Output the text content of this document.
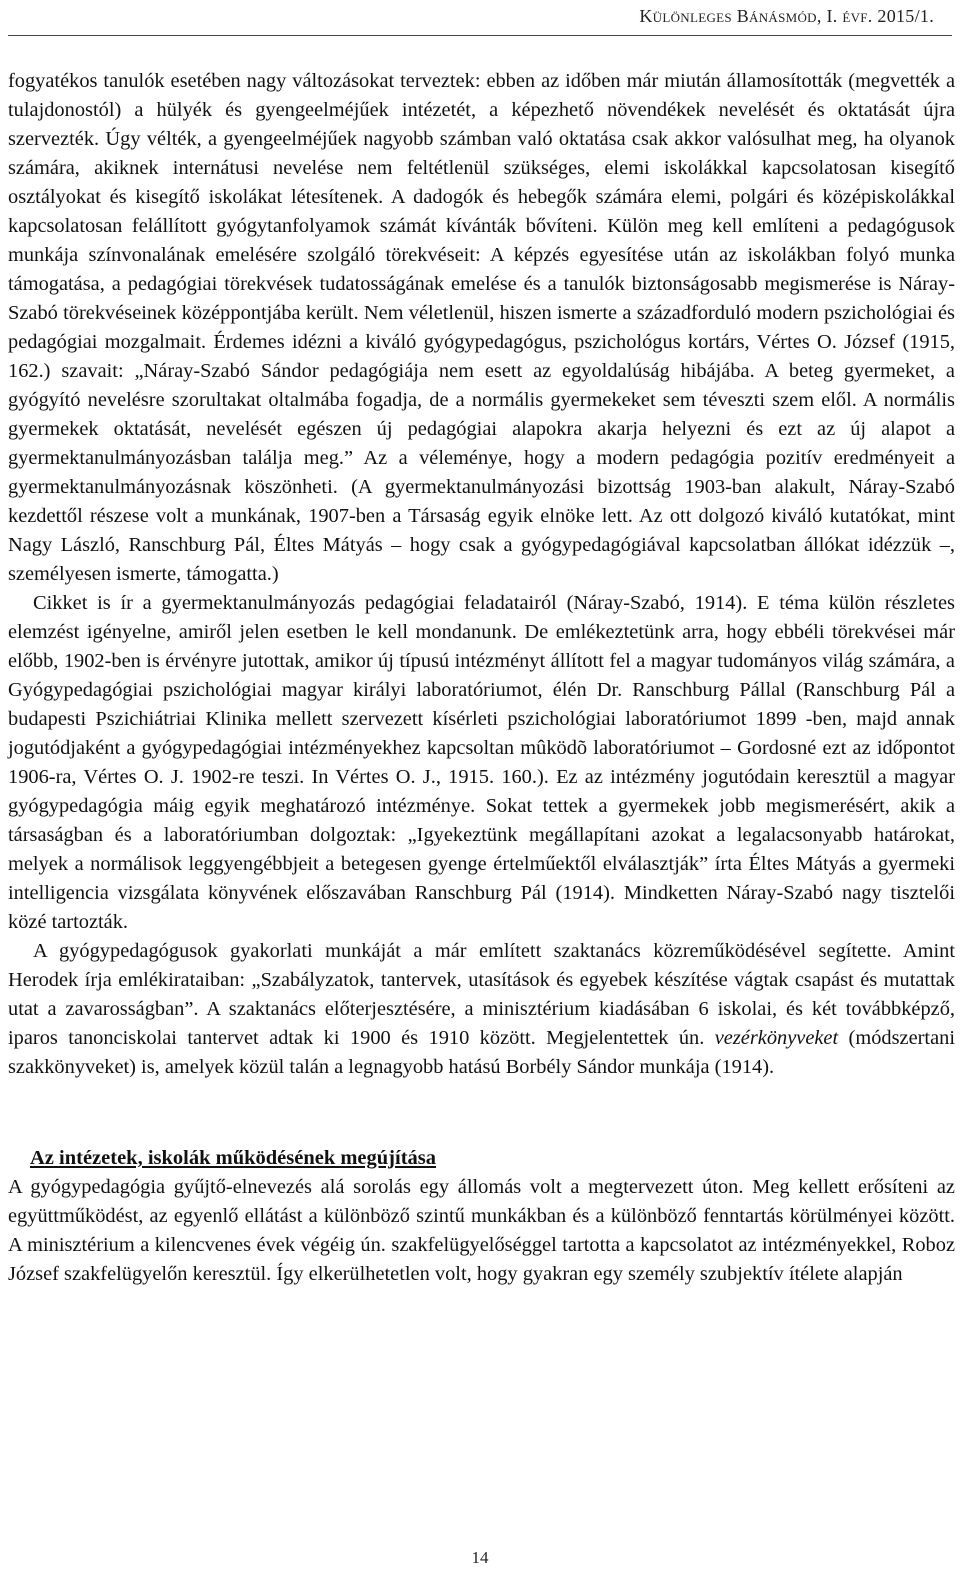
Különleges Bánásmód, I. évf. 2015/1.

fogyatékos tanulók esetében nagy változásokat terveztek: ebben az időben már miután államosították (megvették a tulajdonostól) a hülyék és gyengeelméjűek intézetét, a képezhető növendékek nevelését és oktatását újra szervezték. Úgy vélték, a gyengeelméjűek nagyobb számban való oktatása csak akkor valósulhat meg, ha olyanok számára, akiknek internátusi nevelése nem feltétlenül szükséges, elemi iskolákkal kapcsolatosan kisegítő osztályokat és kisegítő iskolákat létesítenek. A dadogók és hebegők számára elemi, polgári és középiskolákkal kapcsolatosan felállított gyógytanfolyamok számát kívánták bővíteni. Külön meg kell említeni a pedagógusok munkája színvonalának emelésére szolgáló törekvéseit: A képzés egyesítése után az iskolákban folyó munka támogatása, a pedagógiai törekvések tudatosságának emelése és a tanulók biztonságosabb megismerése is Náray-Szabó törekvéseinek középpontjába került. Nem véletlenül, hiszen ismerte a századforduló modern pszichológiai és pedagógiai mozgalmait. Érdemes idézni a kiváló gyógypedagógus, pszichológus kortárs, Vértes O. József (1915, 162.) szavait: „Náray-Szabó Sándor pedagógiája nem esett az egyoldalúság hibájába. A beteg gyermeket, a gyógyító nevelésre szorultakat oltalmába fogadja, de a normális gyermekeket sem téveszti szem elől. A normális gyermekek oktatását, nevelését egészen új pedagógiai alapokra akarja helyezni és ezt az új alapot a gyermektanulmányozásban találja meg.” Az a véleménye, hogy a modern pedagógia pozitív eredményeit a gyermektanulmányozásnak köszönheti. (A gyermektanulmányozási bizottság 1903-ban alakult, Náray-Szabó kezdettől részese volt a munkának, 1907-ben a Társaság egyik elnöke lett. Az ott dolgozó kiváló kutatókat, mint Nagy László, Ranschburg Pál, Éltes Mátyás – hogy csak a gyógypedagógiával kapcsolatban állókat idézzük –, személyesen ismerte, támogatta.)

Cikket is ír a gyermektanulmányozás pedagógiai feladatairól (Náray-Szabó, 1914). E téma külön részletes elemzést igényelne, amiről jelen esetben le kell mondanunk. De emlékeztetünk arra, hogy ebbéli törekvései már előbb, 1902-ben is érvényre jutottak, amikor új típusú intézményt állított fel a magyar tudományos világ számára, a Gyógypedagógiai pszichológiai magyar királyi laboratóriumot, élén Dr. Ranschburg Pállal (Ranschburg Pál a budapesti Pszichiátriai Klinika mellett szervezett kísérleti pszichológiai laboratóriumot 1899 -ben, majd annak jogutódjaként a gyógypedagógiai intézményekhez kapcsoltan mûködõ laboratóriumot – Gordosné ezt az időpontot 1906-ra, Vértes O. J. 1902-re teszi. In Vértes O. J., 1915. 160.). Ez az intézmény jogutódain keresztül a magyar gyógypedagógia máig egyik meghatározó intézménye. Sokat tettek a gyermekek jobb megismerésért, akik a társaságban és a laboratóriumban dolgoztak: „Igyekeztünk megállapítani azokat a legalacsonyabb határokat, melyek a normálisok leggyengébbjeit a betegesen gyenge értelműektől elválasztják” írta Éltes Mátyás a gyermeki intelligencia vizsgálata könyvének előszavában Ranschburg Pál (1914). Mindketten Náray-Szabó nagy tisztelői közé tartozták.

A gyógypedagógusok gyakorlati munkáját a már említett szaktanács közreműködésével segítette. Amint Herodek írja emlékirataiban: „Szabályzatok, tantervek, utasítások és egyebek készítése vágtak csapást és mutattak utat a zavarosságban”. A szaktanács előterjesztésére, a minisztérium kiadásában 6 iskolai, és két továbbképző, iparos tanonciskolai tantervet adtak ki 1900 és 1910 között. Megjelentettek ún. vezérkönyveket (módszertani szakkönyveket) is, amelyek közül talán a legnagyobb hatású Borbély Sándor munkája (1914).

Az intézetek, iskolák működésének megújítása

A gyógypedagógia gyűjtő-elnevezés alá sorolás egy állomás volt a megtervezett úton. Meg kellett erősíteni az együttműködést, az egyenlő ellátást a különböző szintű munkákban és a különböző fenntartás körülményei között. A minisztérium a kilencvenes évek végéig ún. szakfelügyelőséggel tartotta a kapcsolatot az intézményekkel, Roboz József szakfelügyelőn keresztül. Így elkerülhetetlen volt, hogy gyakran egy személy szubjektív ítélete alapján

14
